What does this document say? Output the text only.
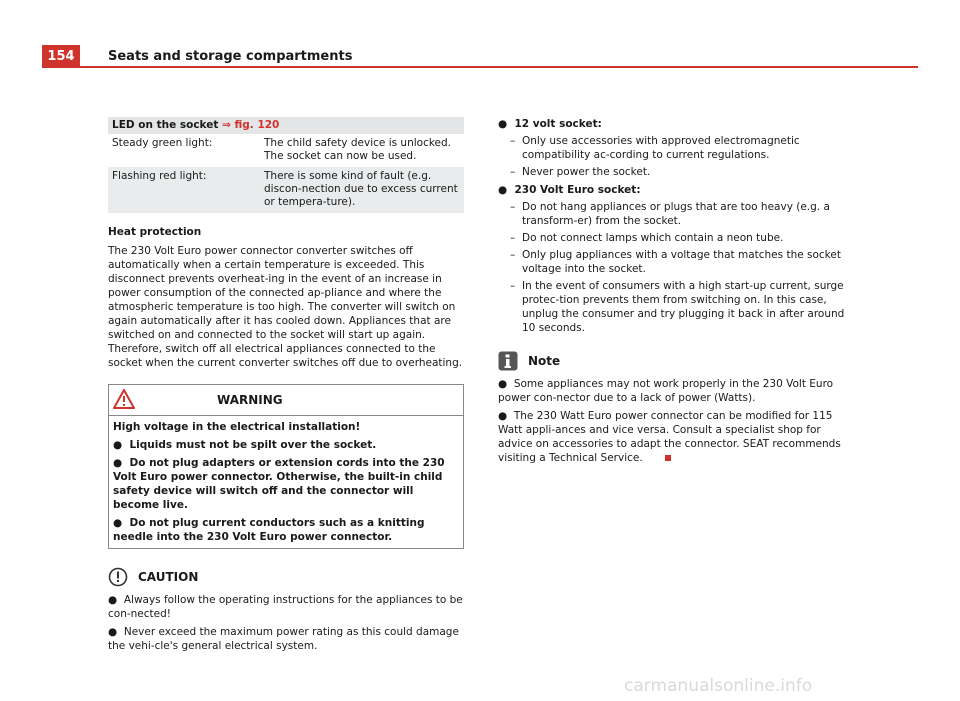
154	Seats and storage compartments
LED on the socket ⇒ fig. 120	
Steady green light:	The child safety device is unlocked. The socket can now be used.
Flashing red light:	There is some kind of fault (e.g. discon-nection due to excess current or tempera-ture).
Heat protection

The 230 Volt Euro power connector converter switches off automatically when a certain temperature is exceeded. This disconnect prevents overheat-ing in the event of an increase in power consumption of the connected ap-pliance and where the atmospheric temperature is too high. The converter will switch on again automatically after it has cooled down. Appliances that are switched on and connected to the socket will start up again. Therefore, switch off all electrical appliances connected to the socket when the current converter switches off due to overheating.

WARNING
High voltage in the electrical installation!
●  Liquids must not be spilt over the socket.
●  Do not plug adapters or extension cords into the 230 Volt Euro power connector. Otherwise, the built-in child safety device will switch off and the connector will become live.
●  Do not plug current conductors such as a knitting needle into the 230 Volt Euro power connector.
CAUTION
●  Always follow the operating instructions for the appliances to be con-nected!
●  Never exceed the maximum power rating as this could damage the vehi-cle's general electrical system.
●  12 volt socket:
– Only use accessories with approved electromagnetic compatibility ac-cording to current regulations.
– Never power the socket.
●  230 Volt Euro socket:
– Do not hang appliances or plugs that are too heavy (e.g. a transform-er) from the socket.
– Do not connect lamps which contain a neon tube.
– Only plug appliances with a voltage that matches the socket voltage into the socket.
– In the event of consumers with a high start-up current, surge protec-tion prevents them from switching on. In this case, unplug the consumer and try plugging it back in after around 10 seconds.
Note
●  Some appliances may not work properly in the 230 Volt Euro power con-nector due to a lack of power (Watts).
●  The 230 Watt Euro power connector can be modified for 115 Watt appli-ances and vice versa. Consult a specialist shop for advice on accessories to adapt the connector. SEAT recommends visiting a Technical Service.
carmanualsonline.info
